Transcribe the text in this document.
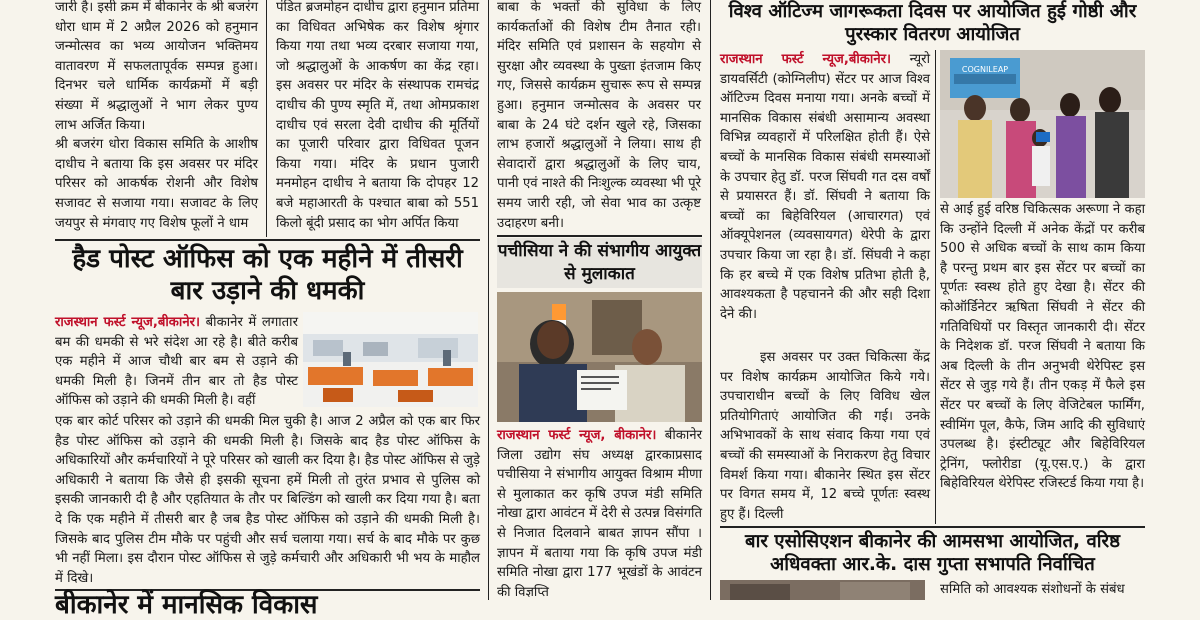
जारी है। इसी क्रम में बीकानेर के श्री बजरंग धोरा धाम में 2 अप्रैल 2026 को हनुमान जन्मोत्सव का भव्य आयोजन भक्तिमय वातावरण में सफलतापूर्वक सम्पन्न हुआ। दिनभर चले धार्मिक कार्यक्रमों में बड़ी संख्या में श्रद्धालुओं ने भाग लेकर पुण्य लाभ अर्जित किया।

श्री बजरंग धोरा विकास समिति के आशीष दाधीच ने बताया कि इस अवसर पर मंदिर परिसर को आकर्षक रोशनी और विशेष सजावट से सजाया गया। सजावट के लिए जयपुर से मंगवाए गए विशेष फूलों ने धाम

पंडित ब्रजमोहन दाधीच द्वारा हनुमान प्रतिमा का विधिवत अभिषेक कर विशेष श्रृंगार किया गया तथा भव्य दरबार सजाया गया, जो श्रद्धालुओं के आकर्षण का केंद्र रहा। इस अवसर पर मंदिर के संस्थापक रामचंद्र दाधीच की पुण्य स्मृति में, तथा ओमप्रकाश दाधीच एवं सरला देवी दाधीच की मूर्तियों का पूजारी परिवार द्वारा विधिवत पूजन किया गया। मंदिर के प्रधान पुजारी मनमोहन दाधीच ने बताया कि दोपहर 12 बजे महाआरती के पश्चात बाबा को 551 किलो बूंदी प्रसाद का भोग अर्पित किया

बाबा के भक्तों की सुविधा के लिए कार्यकर्ताओं की विशेष टीम तैनात रही। मंदिर समिति एवं प्रशासन के सहयोग से सुरक्षा और व्यवस्था के पुख्ता इंतजाम किए गए, जिससे कार्यक्रम सुचारू रूप से सम्पन्न हुआ। हनुमान जन्मोत्सव के अवसर पर बाबा के 24 घंटे दर्शन खुले रहे, जिसका लाभ हजारों श्रद्धालुओं ने लिया। साथ ही सेवादारों द्वारा श्रद्धालुओं के लिए चाय, पानी एवं नाश्ते की निःशुल्क व्यवस्था भी पूरे समय जारी रही, जो सेवा भाव का उत्कृष्ट उदाहरण बनी।

हैड पोस्ट ऑफिस को एक महीने में तीसरी बार उड़ाने की धमकी
राजस्थान फर्स्ट न्यूज,बीकानेर। बीकानेर में लगातार बम की धमकी से भरे संदेश आ रहे है। बीते करीब एक महीने में आज चौथी बार बम से उड़ाने की धमकी मिली है। जिनमें तीन बार तो हैड पोस्ट ऑफिस को उड़ाने की धमकी मिली है। वहीं

एक बार कोर्ट परिसर को उड़ाने की धमकी मिल चुकी है। आज 2 अप्रैल को एक बार फिर हैड पोस्ट ऑफिस को उड़ाने की धमकी मिली है। जिसके बाद हैड पोस्ट ऑफिस के अधिकारियों और कर्मचारियों ने पूरे परिसर को खाली कर दिया है। हैड पोस्ट ऑफिस से जुड़े अधिकारी ने बताया कि जैसे ही इसकी सूचना हमें मिली तो तुरंत प्रभाव से पुलिस को इसकी जानकारी दी है और एहतियात के तौर पर बिल्डिंग को खाली कर दिया गया है। बता दे कि एक महीने में तीसरी बार है जब हैड पोस्ट ऑफिस को उड़ाने की धमकी मिली है। जिसके बाद पुलिस टीम मौके पर पहुंची और सर्च चलाया गया। सर्च के बाद मौके पर कुछ भी नहीं मिला। इस दौरान पोस्ट ऑफिस से जुड़े कर्मचारी और अधिकारी भी भय के माहौल में दिखे।

बीकानेर में मानसिक विकास
पचीसिया ने की संभागीय आयुक्त से मुलाकात
राजस्थान फर्स्ट न्यूज, बीकानेर। बीकानेर जिला उद्योग संघ अध्यक्ष द्वारकाप्रसाद पचीसिया ने संभागीय आयुक्त विश्राम मीणा से मुलाकात कर कृषि उपज मंडी समिति नोखा द्वारा आवंटन में देरी से उत्पन्न विसंगति से निजात दिलवाने बाबत ज्ञापन सौंपा । ज्ञापन में बताया गया कि कृषि उपज मंडी समिति नोखा द्वारा 177 भूखंडों के आवंटन की विज्ञप्ति
विश्व ऑटिज्म जागरूकता दिवस पर आयोजित हुई गोष्ठी और पुरस्कार वितरण आयोजित
राजस्थान फर्स्ट न्यूज,बीकानेर। न्यूरो डायवर्सिटी (कोग्निलीप) सेंटर पर आज विश्व ऑटिज्म दिवस मनाया गया। अनके बच्चों में मानसिक विकास संबंधी असामान्य अवस्था विभिन्न व्यवहारों में परिलक्षित होती हैं। ऐसे बच्चों के मानसिक विकास संबंधी समस्याओं के उपचार हेतु डॉ. परज सिंघवी गत दस वर्षों से प्रयासरत हैं। डॉ. सिंघवी ने बताया कि बच्चों का बिहेविरियल (आचारगत) एवं ऑक्यूपेशनल (व्यवसायगत) थेरेपी के द्वारा उपचार किया जा रहा है। डॉ. सिंघवी ने कहा कि हर बच्चे में एक विशेष प्रतिभा होती है, आवश्यकता है पहचानने की और सही दिशा देने की।
COGNILEAP

से आई हुई वरिष्ठ चिकित्सक अरूणा ने कहा कि उन्होंने दिल्ली में अनेक केंद्रों पर करीब 500 से अधिक बच्चों के साथ काम किया है परन्तु प्रथम बार इस सेंटर पर बच्चों का पूर्णतः स्वस्थ होते हुए देखा है। सेंटर की कोऑर्डिनेटर ऋषिता सिंघवी ने सेंटर की गतिविधियों पर विस्तृत जानकारी दी। सेंटर के निदेशक डॉ. परज सिंघवी ने बताया कि अब दिल्ली के तीन अनुभवी थेरेपिस्ट इस सेंटर से जुड़ गये हैं। तीन एकड़ में फैले इस सेंटर पर बच्चों के लिए वेजिटेबल फार्मिंग, स्वीमिंग पूल, कैफे, जिम आदि की सुविधाएं उपलब्ध है। इंस्टीट्यूट और बिहेविरियल ट्रेनिंग, फ्लोरीडा (यू.एस.ए.) के द्वारा बिहेविरियल थेरेपिस्ट रजिस्टर्ड किया गया है।

इस अवसर पर उक्त चिकित्सा केंद्र पर विशेष कार्यक्रम आयोजित किये गये। उपचाराधीन बच्चों के लिए विविध खेल प्रतियोगिताएं आयोजित की गई। उनके अभिभावकों के साथ संवाद किया गया एवं बच्चों की समस्याओं के निराकरण हेतु विचार विमर्श किया गया। बीकानेर स्थित इस सेंटर पर विगत समय में, 12 बच्चे पूर्णतः स्वस्थ हुए हैं। दिल्ली

बार एसोसिएशन बीकानेर की आमसभा आयोजित, वरिष्ठ अधिवक्ता आर.के. दास गुप्ता सभापति निर्वाचित

समिति को आवश्यक संशोधनों के संबंध
